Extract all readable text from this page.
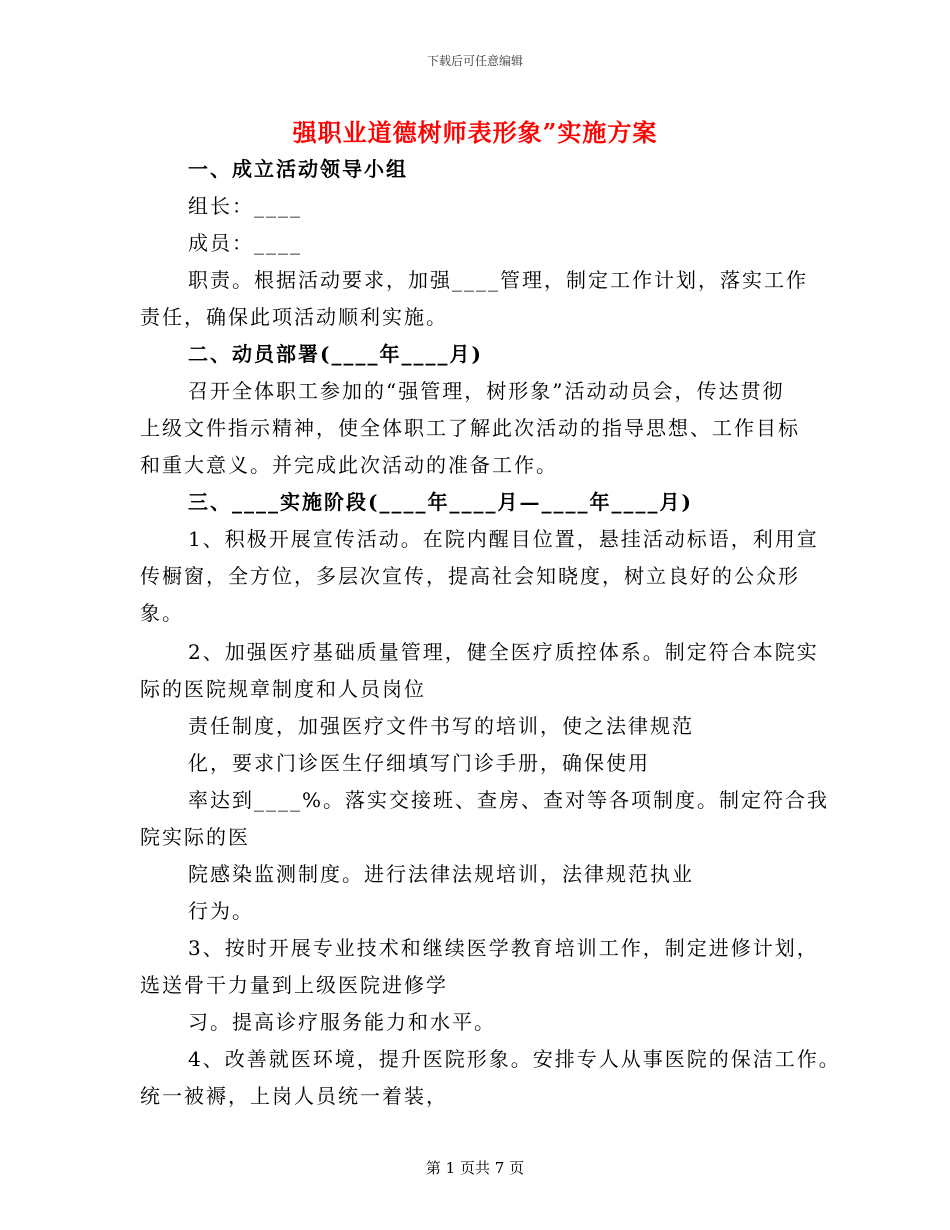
下载后可任意编辑
强职业道德树师表形象”实施方案
一、成立活动领导小组
组长：____
成员：____
职责。根据活动要求，加强____管理，制定工作计划，落实工作
责任，确保此项活动顺利实施。
二、动员部署(____年____月)
召开全体职工参加的“强管理，树形象”活动动员会，传达贯彻
上级文件指示精神，使全体职工了解此次活动的指导思想、工作目标
和重大意义。并完成此次活动的准备工作。
三、____实施阶段(____年____月—____年____月)
1、积极开展宣传活动。在院内醒目位置，悬挂活动标语，利用宣
传橱窗，全方位，多层次宣传，提高社会知晓度，树立良好的公众形
象。
2、加强医疗基础质量管理，健全医疗质控体系。制定符合本院实
际的医院规章制度和人员岗位
责任制度，加强医疗文件书写的培训，使之法律规范
化，要求门诊医生仔细填写门诊手册，确保使用
率达到____%。落实交接班、查房、查对等各项制度。制定符合我
院实际的医
院感染监测制度。进行法律法规培训，法律规范执业
行为。
3、按时开展专业技术和继续医学教育培训工作，制定进修计划，
选送骨干力量到上级医院进修学
习。提高诊疗服务能力和水平。
4、改善就医环境，提升医院形象。安排专人从事医院的保洁工作。
统一被褥，上岗人员统一着装，
第 1 页共 7 页
